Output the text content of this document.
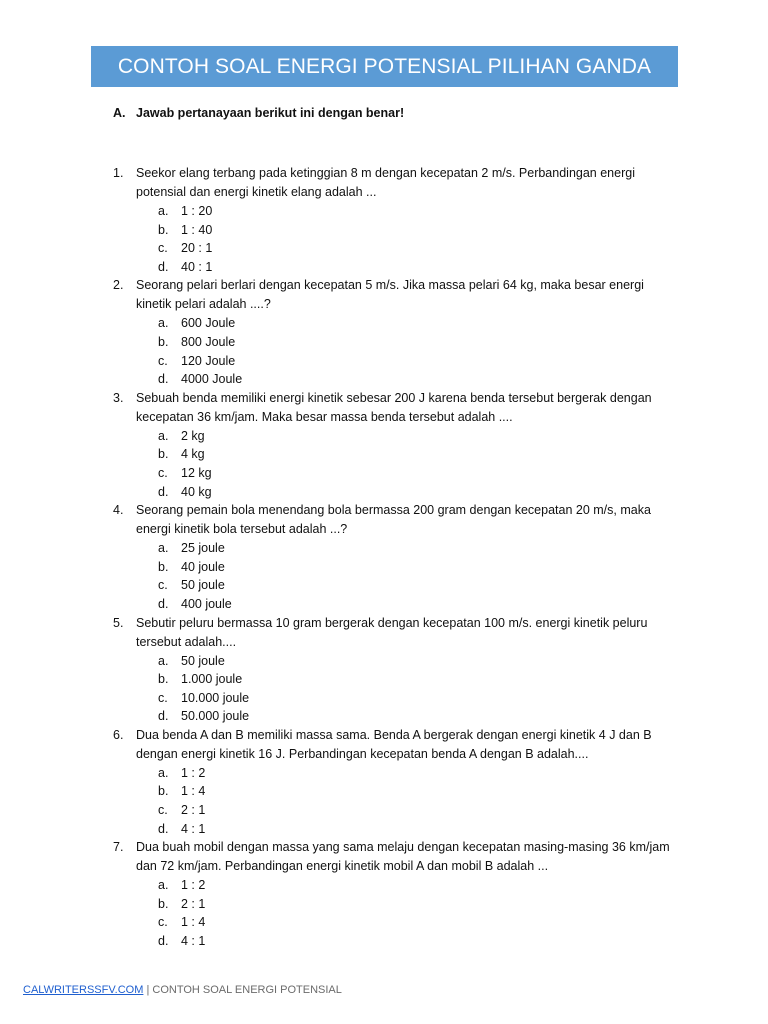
CONTOH SOAL ENERGI POTENSIAL PILIHAN GANDA
A. Jawab pertanayaan berikut ini dengan benar!
1.	Seekor elang terbang pada ketinggian 8 m dengan kecepatan 2 m/s. Perbandingan energi
potensial dan energi kinetik elang adalah ...
a.	1 : 20
b.	1 : 40
c.	20 : 1
d.	40 : 1
2.	Seorang pelari berlari dengan kecepatan 5 m/s. Jika massa pelari 64 kg, maka besar energi
kinetik pelari adalah ....?
a.	600 Joule
b.	800 Joule
c.	120 Joule
d.	4000 Joule
3.	Sebuah benda memiliki energi kinetik sebesar 200 J karena benda tersebut bergerak dengan
kecepatan 36 km/jam. Maka besar massa benda tersebut adalah ....
a.	2 kg
b.	4 kg
c.	12 kg
d.	40 kg
4.	Seorang pemain bola menendang bola bermassa 200 gram dengan kecepatan 20 m/s, maka
energi kinetik bola tersebut adalah ...?
a.	25 joule
b.	40 joule
c.	50 joule
d.	400 joule
5.	Sebutir peluru bermassa 10 gram bergerak dengan kecepatan 100 m/s. energi kinetik peluru
tersebut adalah....
a.	50 joule
b.	1.000 joule
c.	10.000 joule
d.	50.000 joule
6.	Dua benda A dan B memiliki massa sama. Benda A bergerak dengan energi kinetik 4 J dan B
dengan energi kinetik 16 J. Perbandingan kecepatan benda A dengan B adalah....
a.	1 : 2
b.	1 : 4
c.	2 : 1
d.	4 : 1
7.	Dua buah mobil dengan massa yang sama melaju dengan kecepatan masing-masing 36 km/jam
dan 72 km/jam. Perbandingan energi kinetik mobil A dan mobil B adalah ...
a.	1 : 2
b.	2 : 1
c.	1 : 4
d.	4 : 1
CALWRITERSSFV.COM | CONTOH SOAL ENERGI POTENSIAL
